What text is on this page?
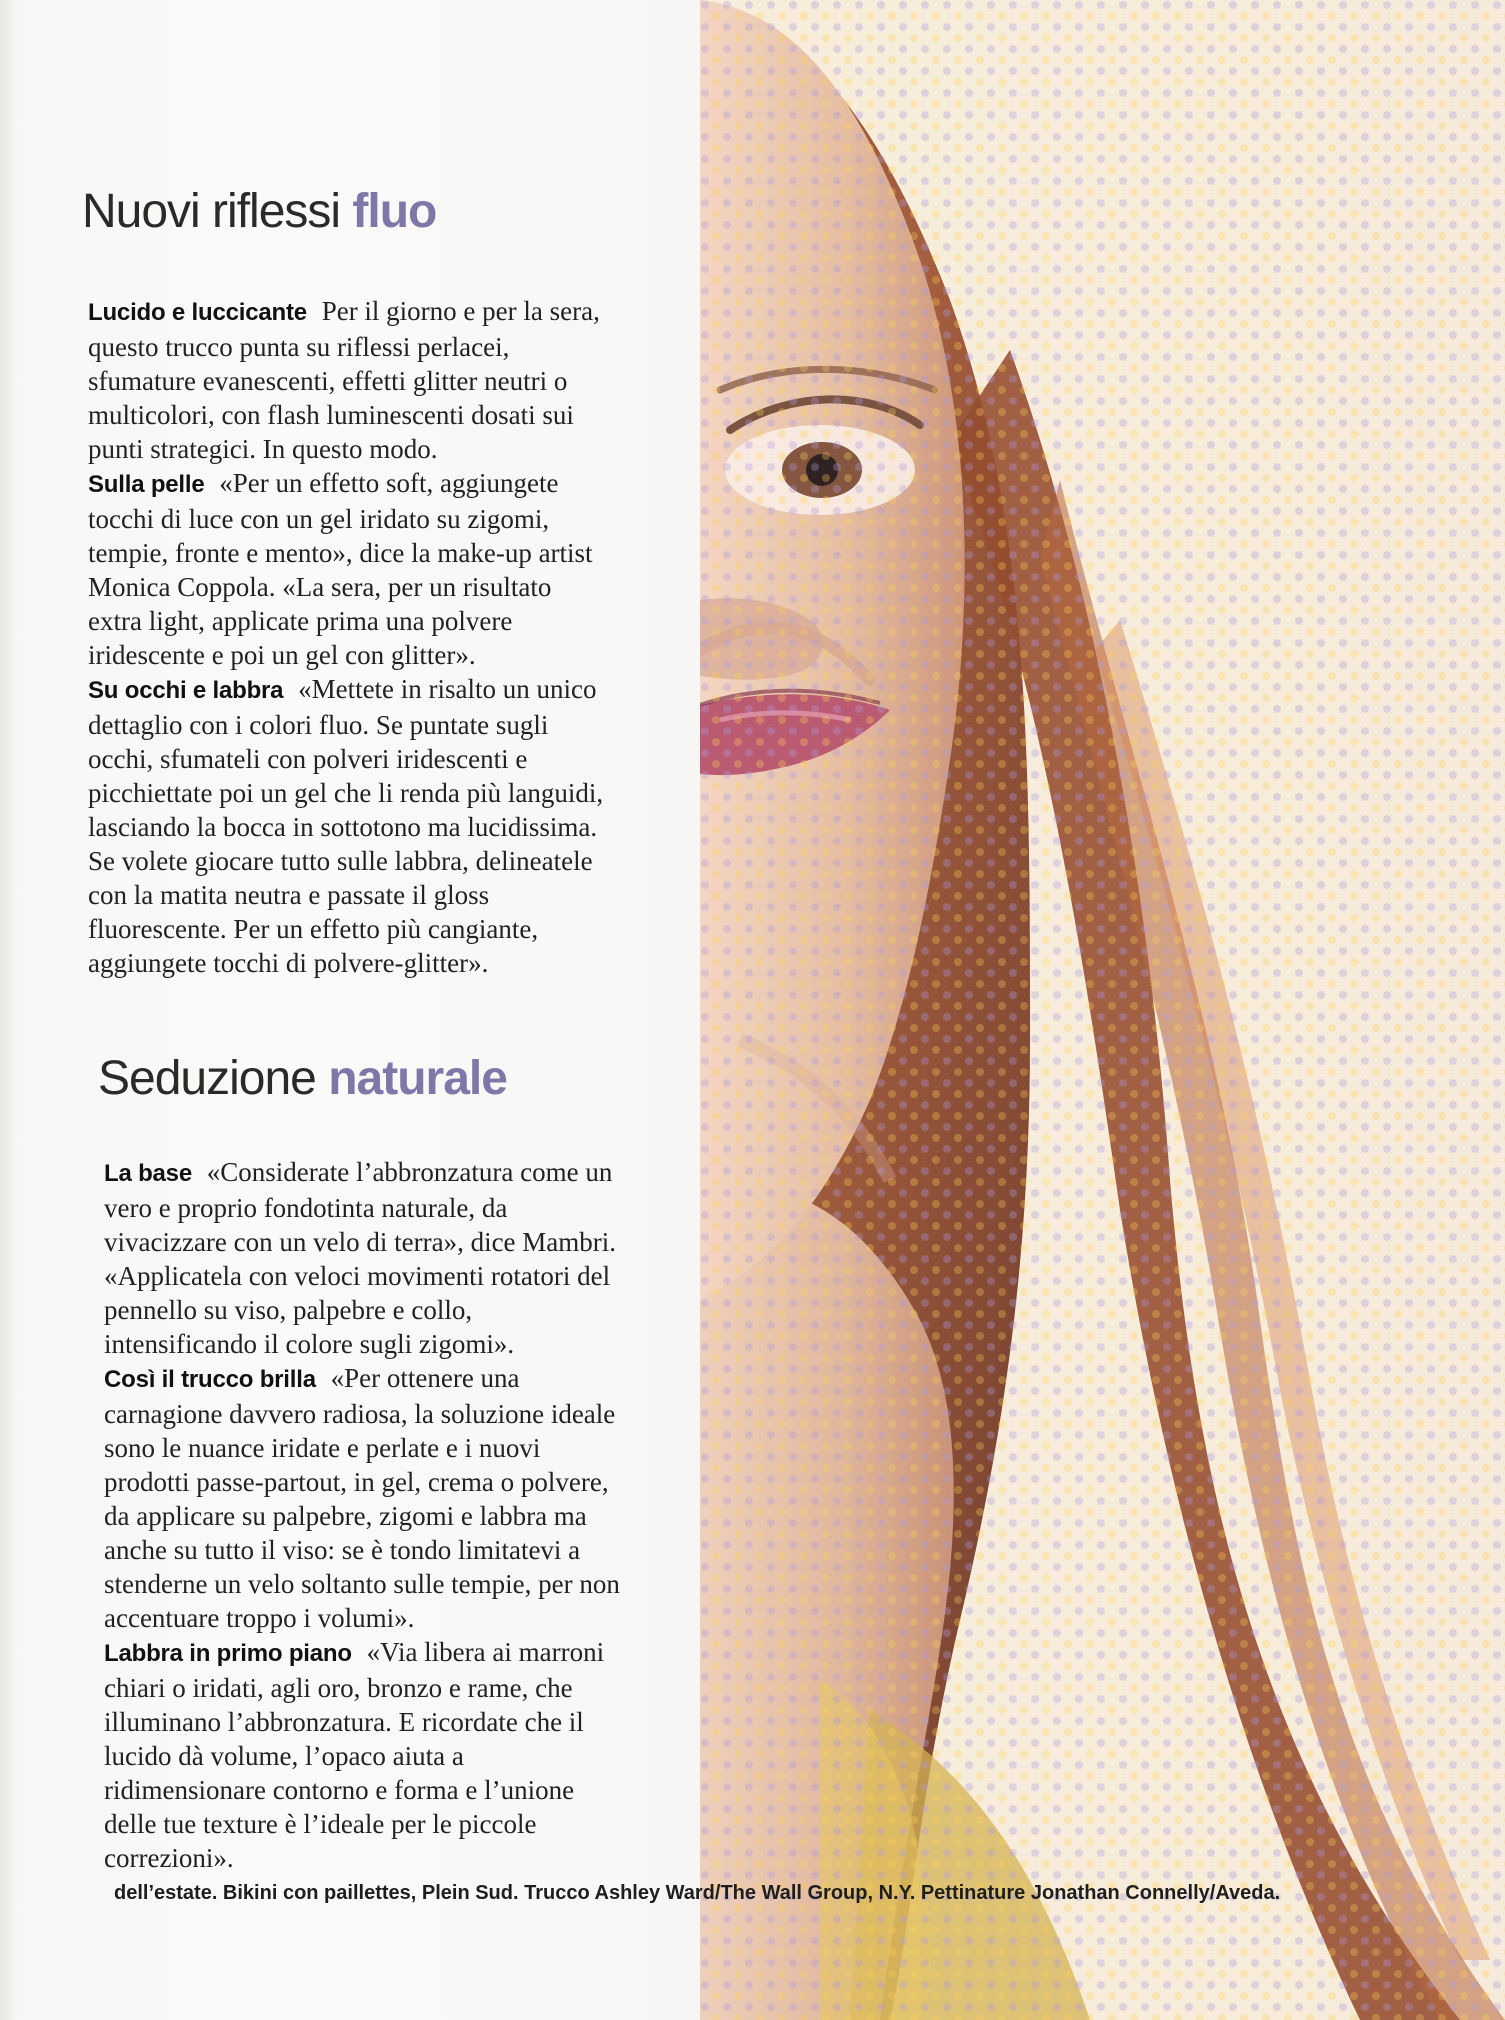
Nuovi riflessi fluo

Lucido e luccicante Per il giorno e per la sera, questo trucco punta su riflessi perlacei, sfumature evanescenti, effetti glitter neutri o multicolori, con flash luminescenti dosati sui punti strategici. In questo modo.

Sulla pelle «Per un effetto soft, aggiungete tocchi di luce con un gel iridato su zigomi, tempie, fronte e mento», dice la make-up artist Monica Coppola. «La sera, per un risultato extra light, applicate prima una polvere iridescente e poi un gel con glitter».

Su occhi e labbra «Mettete in risalto un unico dettaglio con i colori fluo. Se puntate sugli occhi, sfumateli con polveri iridescenti e picchiettate poi un gel che li renda più languidi, lasciando la bocca in sottotono ma lucidissima. Se volete giocare tutto sulle labbra, delineatele con la matita neutra e passate il gloss fluorescente. Per un effetto più cangiante, aggiungete tocchi di polvere-glitter».

Seduzione naturale

La base «Considerate l’abbronzatura come un vero e proprio fondotinta naturale, da vivacizzare con un velo di terra», dice Mambri. «Applicatela con veloci movimenti rotatori del pennello su viso, palpebre e collo, intensificando il colore sugli zigomi».

Così il trucco brilla «Per ottenere una carnagione davvero radiosa, la soluzione ideale sono le nuance iridate e perlate e i nuovi prodotti passe-partout, in gel, crema o polvere, da applicare su palpebre, zigomi e labbra ma anche su tutto il viso: se è tondo limitatevi a stenderne un velo soltanto sulle tempie, per non accentuare troppo i volumi».

Labbra in primo piano «Via libera ai marroni chiari o iridati, agli oro, bronzo e rame, che illuminano l’abbronzatura. E ricordate che il lucido dà volume, l’opaco aiuta a ridimensionare contorno e forma e l’unione delle tue texture è l’ideale per le piccole correzioni».

dell’estate. Bikini con paillettes, Plein Sud. Trucco Ashley Ward/The Wall Group, N.Y. Pettinature Jonathan Connelly/Aveda.
